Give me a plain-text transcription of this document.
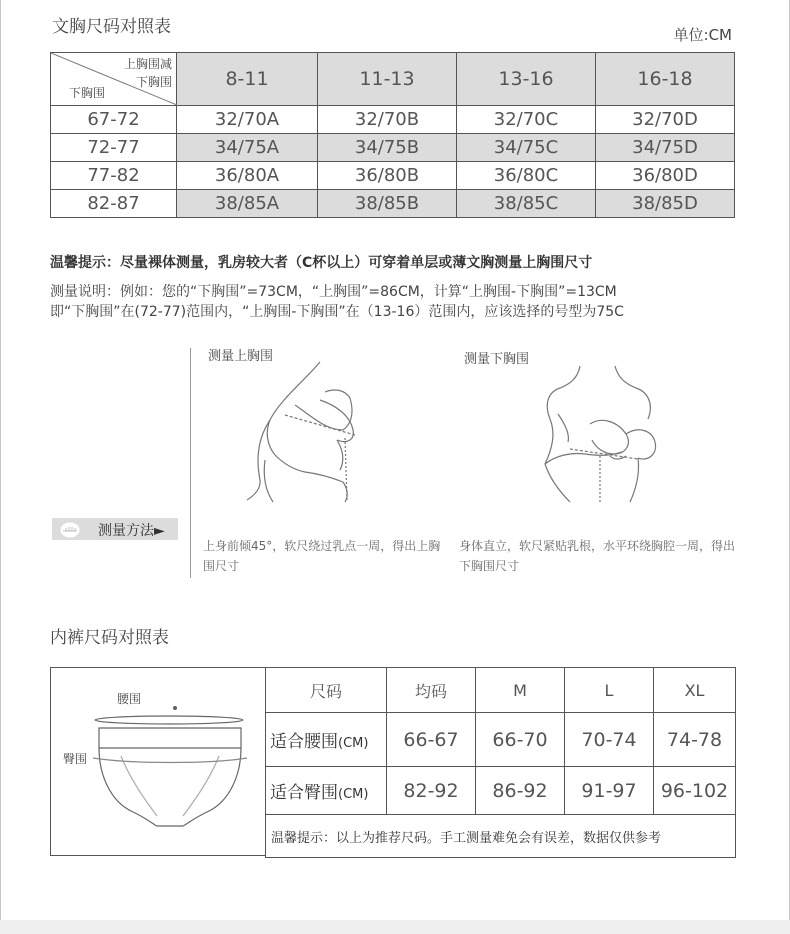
文胸尺码对照表	单位:CM
上胸围减
下胸围
下胸围	8-11	11-13	13-16	16-18
67-72	32/70A	32/70B	32/70C	32/70D
72-77	34/75A	34/75B	34/75C	34/75D
77-82	36/80A	36/80B	36/80C	36/80D
82-87	38/85A	38/85B	38/85C	38/85D
温馨提示：尽量裸体测量，乳房较大者（C杯以上）可穿着单层或薄文胸测量上胸围尺寸
测量说明：例如：您的“下胸围”=73CM，“上胸围”=86CM，计算“上胸围-下胸围”=13CM
即“下胸围”在(72-77)范围内，“上胸围-下胸围”在（13-16）范围内，应该选择的号型为75C
测量方法►
测量上胸围	测量下胸围
上身前倾45°，软尺绕过乳点一周，得出上胸围尺寸
身体直立，软尺紧贴乳根，水平环绕胸腔一周，得出下胸围尺寸
内裤尺码对照表
腰围
臀围
尺码	均码	M	L	XL
适合腰围(CM)	66-67	66-70	70-74	74-78
适合臀围(CM)	82-92	86-92	91-97	96-102
温馨提示：以上为推荐尺码。手工测量难免会有误差，数据仅供参考				
